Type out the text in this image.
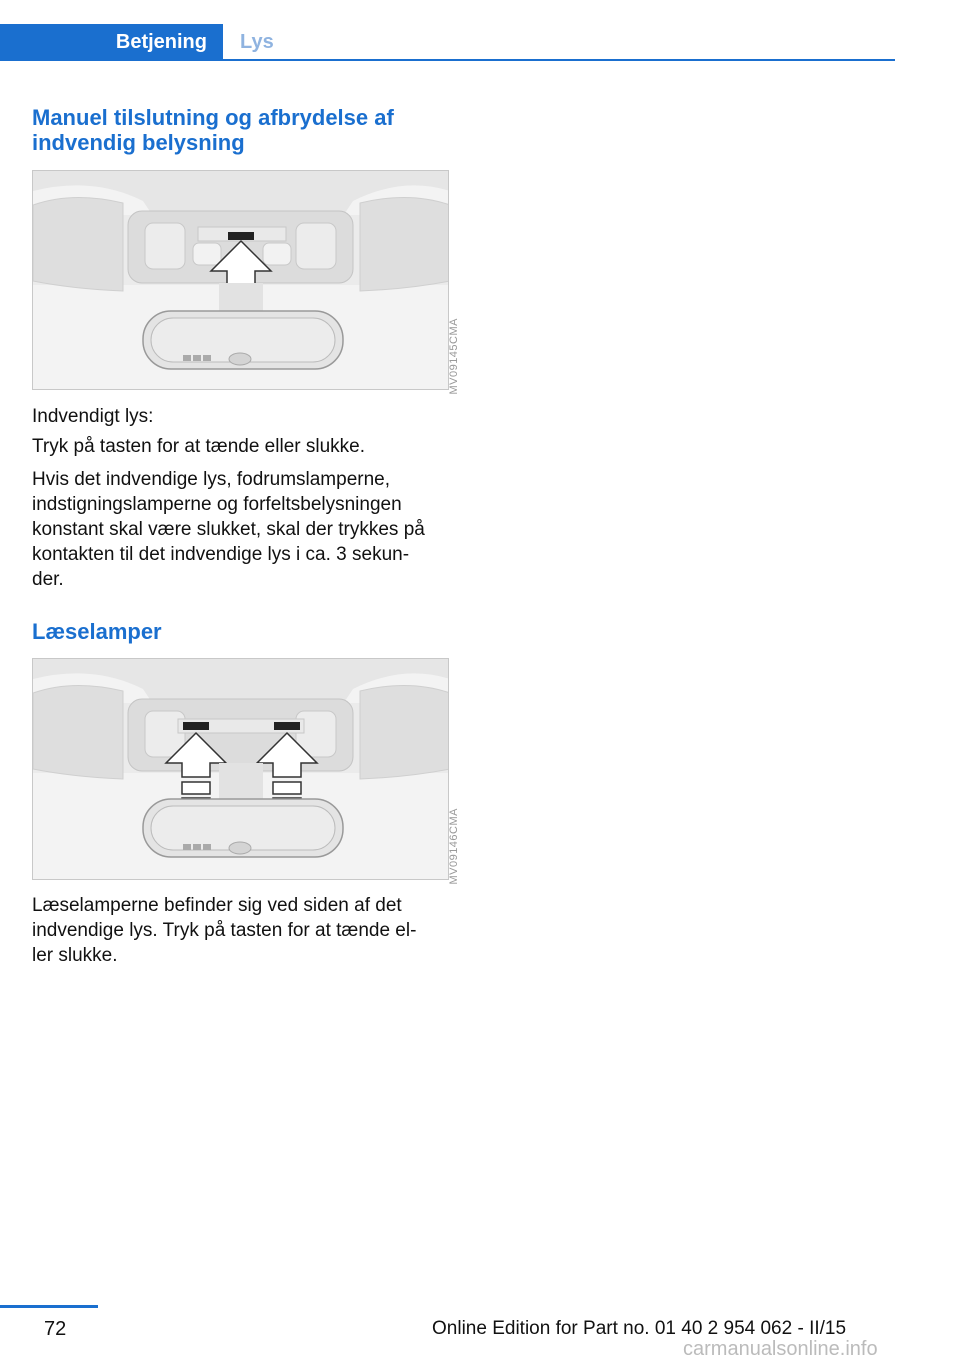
Betjening Lys
Manuel tilslutning og afbrydelse af
indvendig belysning
MV09145CMA

Indvendigt lys:

Tryk på tasten for at tænde eller slukke.

Hvis det indvendige lys, fodrumslamperne,
indstigningslamperne og forfeltsbelysningen
konstant skal være slukket, skal der trykkes på
kontakten til det indvendige lys i ca. 3 sekun‐
der.

Læselamper
MV09146CMA

Læselamperne befinder sig ved siden af det
indvendige lys. Tryk på tasten for at tænde el‐
ler slukke.

72	Online Edition for Part no. 01 40 2 954 062 - II/15
carmanualsonline.info
